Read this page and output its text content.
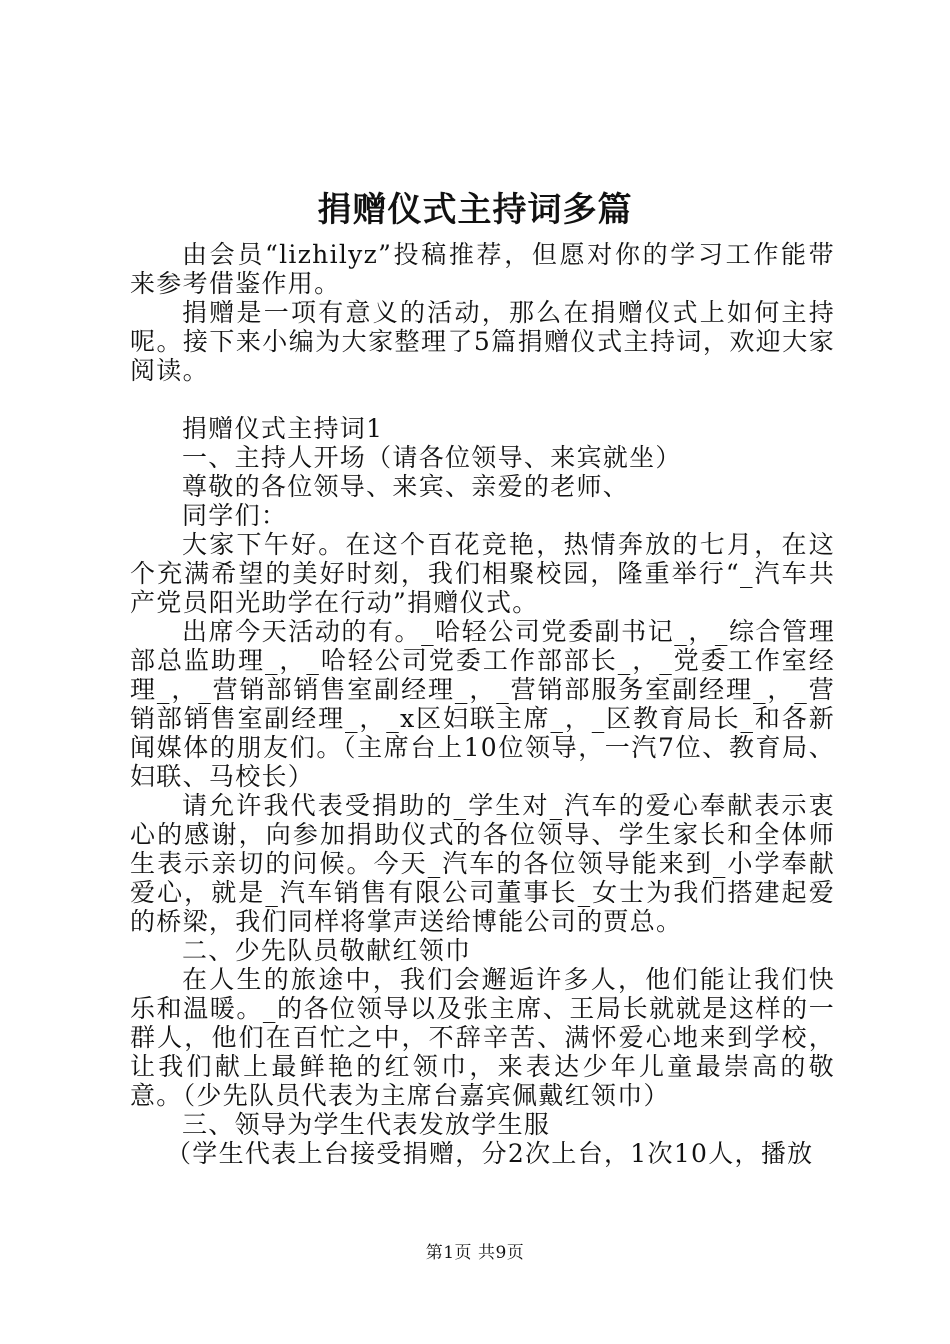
捐赠仪式主持词多篇

由会员“lizhilyz”投稿推荐，但愿对你的学习工作能带来参考借鉴作用。

捐赠是一项有意义的活动，那么在捐赠仪式上如何主持呢。接下来小编为大家整理了5篇捐赠仪式主持词，欢迎大家阅读。

捐赠仪式主持词1

一、主持人开场（请各位领导、来宾就坐）

尊敬的各位领导、来宾、亲爱的老师、

同学们：

大家下午好。在这个百花竞艳，热情奔放的七月，在这个充满希望的美好时刻，我们相聚校园，隆重举行“_汽车共产党员阳光助学在行动”捐赠仪式。

出席今天活动的有。_哈轻公司党委副书记_，_综合管理部总监助理_，_哈轻公司党委工作部部长_，_党委工作室经理_，_营销部销售室副经理_，_营销部服务室副经理_，_营销部销售室副经理_，_x区妇联主席_，_区教育局长_和各新闻媒体的朋友们。（主席台上10位领导，一汽7位、教育局、妇联、马校长）

请允许我代表受捐助的_学生对_汽车的爱心奉献表示衷心的感谢，向参加捐助仪式的各位领导、学生家长和全体师生表示亲切的问候。今天_汽车的各位领导能来到_小学奉献爱心，就是_汽车销售有限公司董事长_女士为我们搭建起爱的桥梁，我们同样将掌声送给博能公司的贾总。

二、少先队员敬献红领巾

在人生的旅途中，我们会邂逅许多人，他们能让我们快乐和温暖。_的各位领导以及张主席、王局长就就是这样的一群人，他们在百忙之中，不辞辛苦、满怀爱心地来到学校，让我们献上最鲜艳的红领巾，来表达少年儿童最崇高的敬意。（少先队员代表为主席台嘉宾佩戴红领巾）

三、领导为学生代表发放学生服

（学生代表上台接受捐赠，分2次上台，1次10人，播放

第1页 共9页
